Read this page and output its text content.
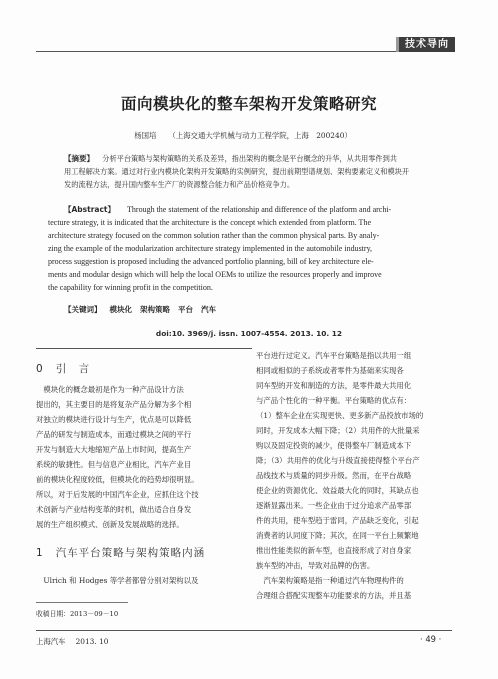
技术导向
面向模块化的整车架构开发策略研究
杨国培 （上海交通大学机械与动力工程学院，上海　200240）
【摘要】 分析平台策略与架构策略的关系及差异，指出架构的概念是平台概念的升华，从共用零件到共
用工程解决方案。通过对行业内模块化架构开发策略的实例研究，提出前期型谱规划、架构要素定义和模块开
发的流程方法，提升国内整车生产厂的资源整合能力和产品价格竞争力。
【Abstract】 Through the statement of the relationship and difference of the platform and archi-
tecture strategy, it is indicated that the architecture is the concept which extended from platform. The
architecture strategy focused on the common solution rather than the common physical parts. By analy-
zing the example of the modularization architecture strategy implemented in the automobile industry,
process suggestion is proposed including the advanced portfolio planning, bill of key architecture ele-
ments and modular design which will help the local OEMs to utilize the resources properly and improve
the capability for winning profit in the competition.
【关键词】 模块化 架构策略 平台 汽车
doi:10. 3969/j. issn. 1007-4554. 2013. 10. 12
0 引　言
　模块化的概念最初是作为一种产品设计方法
提出的，其主要目的是将复杂产品分解为多个相
对独立的模块进行设计与生产，优点是可以降低
产品的研发与制造成本，而通过模块之间的平行
开发与制造大大地缩短产品上市时间，提高生产
系统的敏捷性。但与信息产业相比，汽车产业目
前的模块化程度较低，但模块化的趋势却很明显。
所以，对于后发展的中国汽车企业，应抓住这个技
术创新与产业结构变革的时机，做出适合自身发
展的生产组织模式、创新及发展战略的选择。
1 汽车平台策略与架构策略内涵
　Ulrich 和 Hodges 等学者都曾分别对架构以及
平台进行过定义。汽车平台策略是指以共用一组
相同或相似的子系统或者零件为基础来实现各
同车型的开发和制造的方法，是零件最大共用化
与产品个性化的一种平衡。平台策略的优点有：
（1）整车企业在实现更快、更多新产品投放市场的
同时，开发成本大幅下降；（2）共用件的大批量采
购以及固定投资的减少，使得整车厂制造成本下
降；（3）共用件的优化与升级直接使得整个平台产
品线技术与质量的同步升级。然而，在平台战略
使企业的资源优化、效益最大化的同时，其缺点也
逐渐显露出来。一些企业由于过分追求产品零部
件的共用，使车型趋于雷同，产品缺乏变化，引起
消费者的认同度下降；其次，在同一平台上频繁地
推出性能类似的新车型，也直接形成了对自身家
族车型的冲击，导致对品牌的伤害。
　汽车架构策略是指一种通过汽车物理构件的
合理组合搭配实现整车功能要求的方法，并且基
收稿日期：2013－09－10
上海汽车 2013. 10	· 49 ·
